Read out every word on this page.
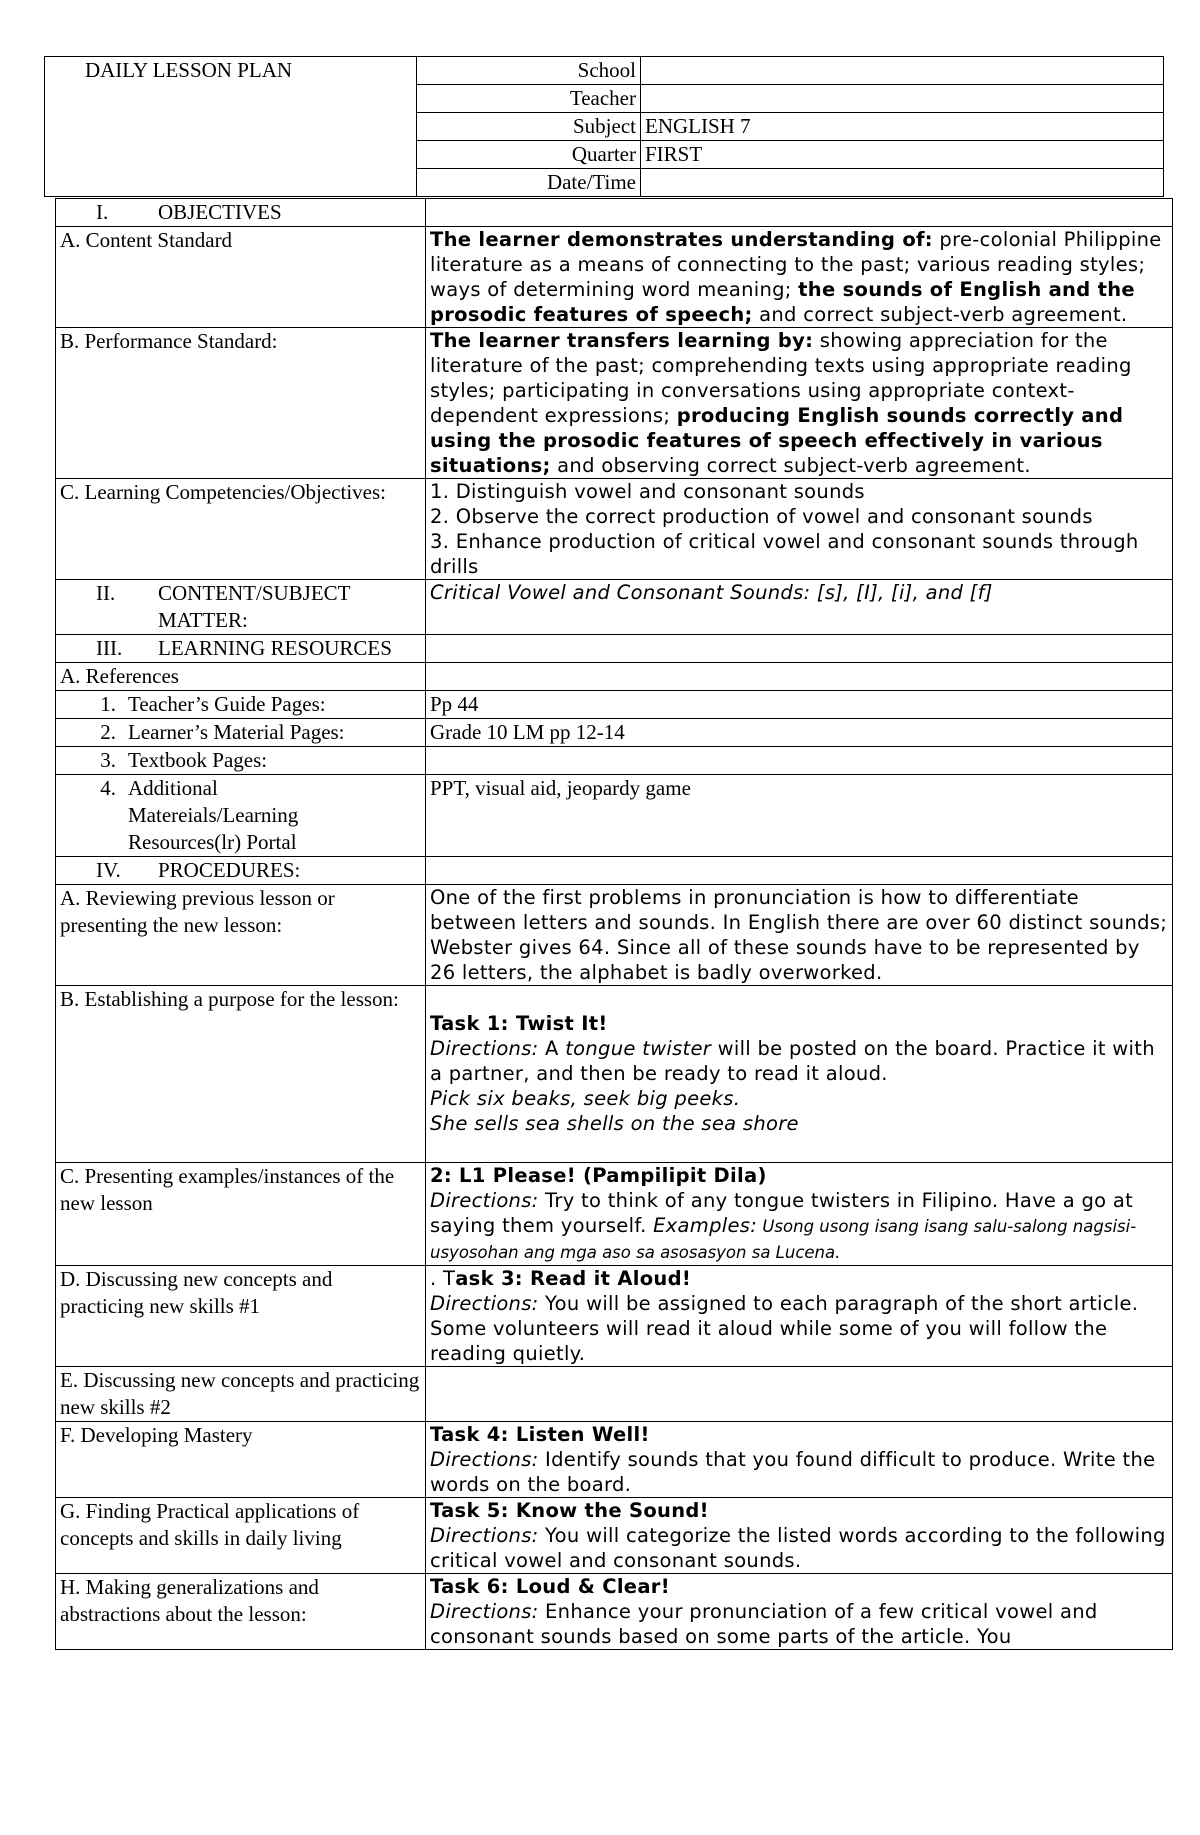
DAILY LESSON PLAN	School	
	Teacher	
	Subject	ENGLISH 7
	Quarter	FIRST
	Date/Time	
I. OBJECTIVES	
A. Content Standard	The learner demonstrates understanding of: pre-colonial Philippine literature as a means of connecting to the past; various reading styles; ways of determining word meaning; the sounds of English and the prosodic features of speech; and correct subject-verb agreement.
B. Performance Standard:	The learner transfers learning by: showing appreciation for the literature of the past; comprehending texts using appropriate reading styles; participating in conversations using appropriate context-dependent expressions; producing English sounds correctly and using the prosodic features of speech effectively in various situations; and observing correct subject-verb agreement.
C. Learning Competencies/Objectives:	1. Distinguish vowel and consonant sounds
2. Observe the correct production of vowel and consonant sounds
3. Enhance production of critical vowel and consonant sounds through drills

II. CONTENT/SUBJECT MATTER:	Critical Vowel and Consonant Sounds: [s], [I], [i], and [f]

III. LEARNING RESOURCES	

A. References	

1. Teacher’s Guide Pages:	Pp 44

2. Learner’s Material Pages:	Grade 10 LM pp 12-14

3. Textbook Pages:	

4. Additional Matereials/Learning Resources(lr) Portal	PPT, visual aid, jeopardy game
IV. PROCEDURES:	
A. Reviewing previous lesson or presenting the new lesson:	One of the first problems in pronunciation is how to differentiate between letters and sounds. In English there are over 60 distinct sounds; Webster gives 64. Since all of these sounds have to be represented by 26 letters, the alphabet is badly overworked.
B. Establishing a purpose for the lesson:	Task 1: Twist It!
Directions: A tongue twister will be posted on the board. Practice it with a partner, and then be ready to read it aloud.
Pick six beaks, seek big peeks.
She sells sea shells on the sea shore

C. Presenting examples/instances of the new lesson	2: L1 Please! (Pampilipit Dila)
Directions: Try to think of any tongue twisters in Filipino. Have a go at saying them yourself. Examples: Usong usong isang isang salu-salong nagsisi-usyosohan ang mga aso sa asosasyon sa Lucena.

D. Discussing new concepts and practicing new skills #1	. Task 3: Read it Aloud!
Directions: You will be assigned to each paragraph of the short article. Some volunteers will read it aloud while some of you will follow the reading quietly.

E. Discussing new concepts and practicing new skills #2	
F. Developing Mastery	Task 4: Listen Well!
Directions: Identify sounds that you found difficult to produce. Write the words on the board.

G. Finding Practical applications of concepts and skills in daily living	Task 5: Know the Sound!
Directions: You will categorize the listed words according to the following critical vowel and consonant sounds.

H. Making generalizations and abstractions about the lesson:	Task 6: Loud & Clear!
Directions: Enhance your pronunciation of a few critical vowel and consonant sounds based on some parts of the article. You
